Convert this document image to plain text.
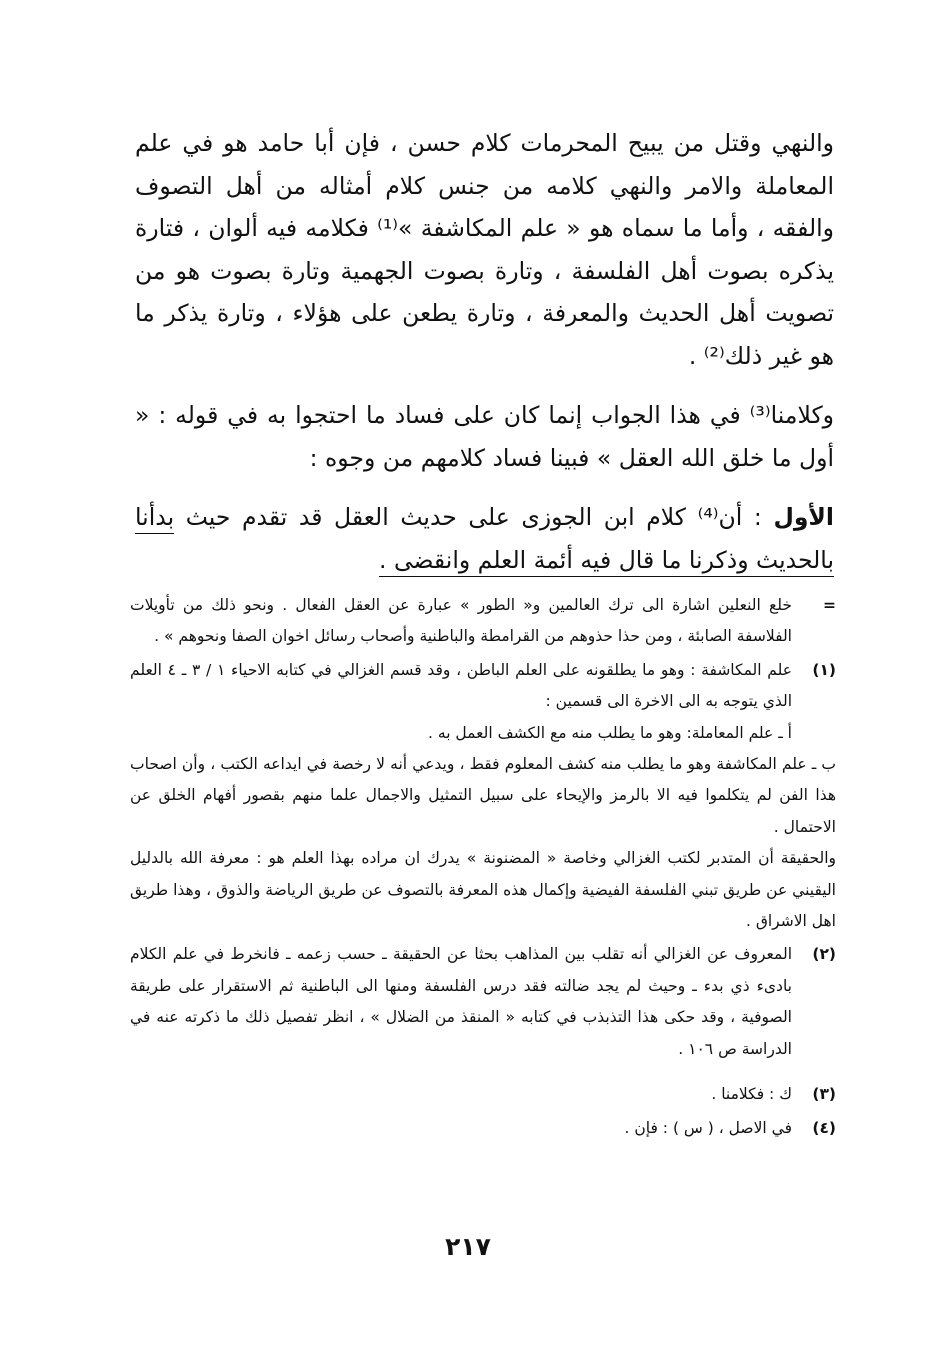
والنهي وقتل من يبيح المحرمات كلام حسن ، فإن أبا حامد هو في علم المعاملة والامر والنهي كلامه من جنس كلام أمثاله من أهل التصوف والفقه ، وأما ما سماه هو « علم المكاشفة »⁽¹⁾ فكلامه فيه ألوان ، فتارة يذكره بصوت أهل الفلسفة ، وتارة بصوت الجهمية وتارة بصوت هو من تصويت أهل الحديث والمعرفة ، وتارة يطعن على هؤلاء ، وتارة يذكر ما هو غير ذلك⁽²⁾ .

وكلامنا⁽³⁾ في هذا الجواب إنما كان على فساد ما احتجوا به في قوله : « أول ما خلق الله العقل » فبينا فساد كلامهم من وجوه :

الأول : أن⁽⁴⁾ كلام ابن الجوزى على حديث العقل قد تقدم حيث بدأنا بالحديث وذكرنا ما قال فيه أئمة العلم وانقضى .

=

خلع النعلين اشارة الى ترك العالمين و« الطور » عبارة عن العقل الفعال . ونحو ذلك من تأويلات الفلاسفة الصابئة ، ومن حذا حذوهم من القرامطة والباطنية وأصحاب رسائل اخوان الصفا ونحوهم » .

(١)

علم المكاشفة : وهو ما يطلقونه على العلم الباطن ، وقد قسم الغزالي في كتابه الاحياء ١ / ٣ ـ ٤ العلم الذي يتوجه به الى الاخرة الى قسمين :

أ ـ علم المعاملة: وهو ما يطلب منه مع الكشف العمل به .

ب ـ علم المكاشفة وهو ما يطلب منه كشف المعلوم فقط ، ويدعي أنه لا رخصة في ايداعه الكتب ، وأن اصحاب هذا الفن لم يتكلموا فيه الا بالرمز والإيحاء على سبيل التمثيل والاجمال علما منهم بقصور أفهام الخلق عن الاحتمال .

والحقيقة أن المتدبر لكتب الغزالي وخاصة « المضنونة » يدرك ان مراده بهذا العلم هو : معرفة الله بالدليل اليقيني عن طريق تبني الفلسفة الفيضية وإكمال هذه المعرفة بالتصوف عن طريق الرياضة والذوق ، وهذا طريق اهل الاشراق .

(٢)

المعروف عن الغزالي أنه تقلب بين المذاهب بحثا عن الحقيقة ـ حسب زعمه ـ فانخرط في علم الكلام بادىء ذي بدء ـ وحيث لم يجد ضالته فقد درس الفلسفة ومنها الى الباطنية ثم الاستقرار على طريقة الصوفية ، وقد حكى هذا التذبذب في كتابه « المنقذ من الضلال » ، انظر تفصيل ذلك ما ذكرته عنه في الدراسة ص ١٠٦ .

(٣)

ك : فكلامنا .

(٤)

في الاصل ، ( س ) : فإن .

٢١٧
